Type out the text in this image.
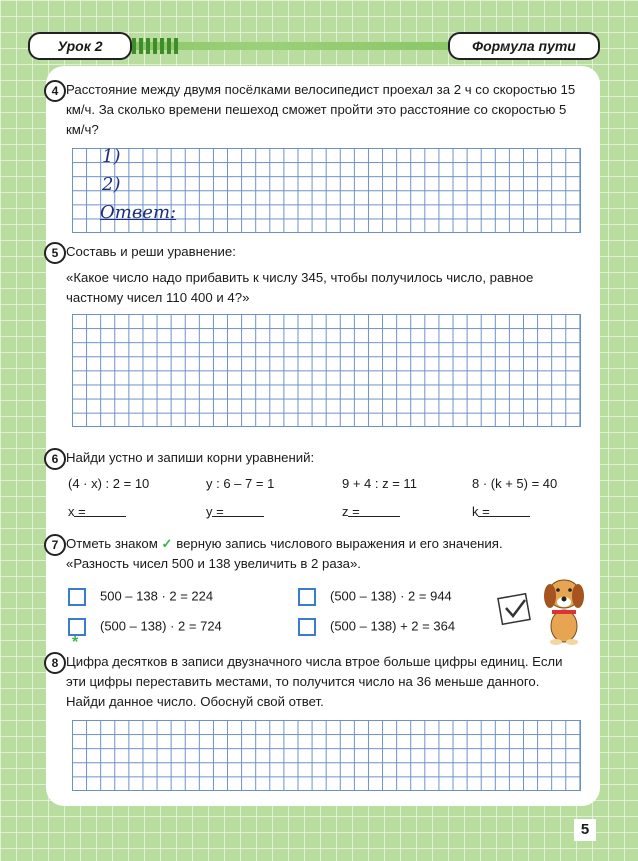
Урок 2	Формула пути
4 Расстояние между двумя посёлками велосипедист проехал за 2 ч со скоростью 15 км/ч. За сколько времени пешеход сможет пройти это расстояние со скоростью 5 км/ч?

1)
2)
Ответ:
5 Составь и реши уравнение:

«Какое число надо прибавить к числу 345, чтобы получилось число, равное частному чисел 110 400 и 4?»

6 Найди устно и запиши корни уравнений:

(4 · x) : 2 = 10	y : 6 – 7 = 1	9 + 4 : z = 11	8 · (k + 5) = 40
x =	y =	z =	k =
7 Отметь знаком ✓ верную запись числового выражения и его значения.

«Разность чисел 500 и 138 увеличить в 2 раза».

500 – 138 · 2 = 224	(500 – 138) · 2 = 944
(500 – 138) · 2 = 724	(500 – 138) + 2 = 364
*
8 Цифра десятков в записи двузначного числа втрое больше цифры единиц. Если эти цифры переставить местами, то получится число на 36 меньше данного. Найди данное число. Обоснуй свой ответ.

5
